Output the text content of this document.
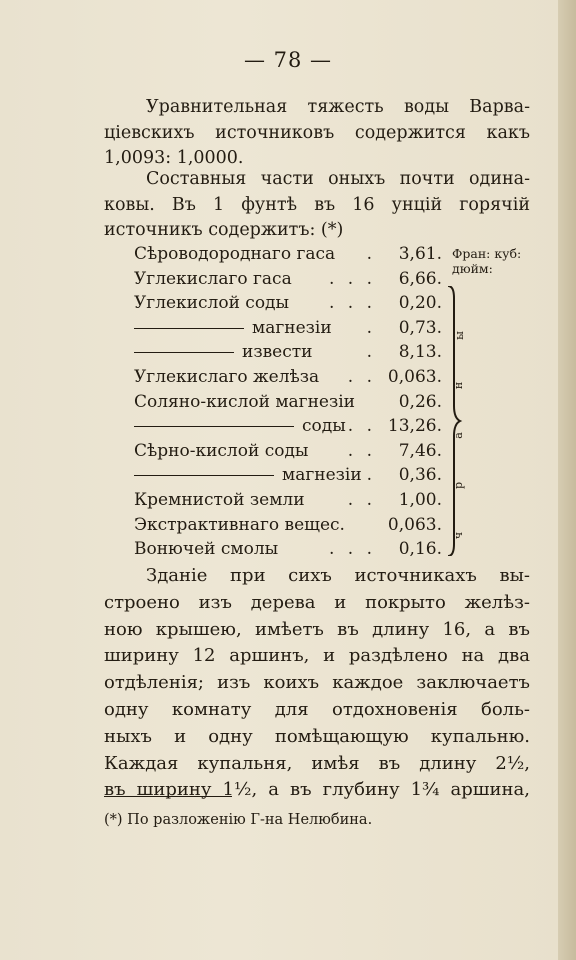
— 78 —
Уравнительная тяжесть воды Варва-
цiевскихъ источниковъ содержится какъ
1,0093: 1,0000.
Составныя части оныхъ почти одина-
ковы. Въ 1 фунтѣ въ 16 унцiй горячiй
источникъ содержитъ: (*)
Сѣроводороднаго гаса . 3,61.
Углекислаго гаса . . . 6,66.
Углекислой соды . . . 0,20.
магнезiи . 0,73.
извести	. 8,13.
Углекислаго желѣза . . 0,063.
Соляно-кислой магнезiи	0,26.
соды . . 13,26.
Сѣрно-кислой соды . . 7,46.
магнезiи . 0,36.
Кремнистой земли	. . 1,00.
Экстрактивнаго вещес.	0,063.
Вонючей смолы	. . . 0,16.
Фран: куб:
дюйм:
ы
н
а
р
ч
Зданiе при сихъ источникахъ вы-
строено изъ дерева и покрыто желѣз-
ною крышею, имѣетъ въ длину 16, а въ
ширину 12 аршинъ, и раздѣлено на два
отдѣленiя; изъ коихъ каждое заключаетъ
одну комнату для отдохновенiя боль-
ныхъ и одну помѣщающую купальню.
Каждая купальня, имѣя въ длину 2½,
въ ширину 1½, а въ глубину 1¾ аршина,
(*) По разложенiю Г-на Нелюбина.
